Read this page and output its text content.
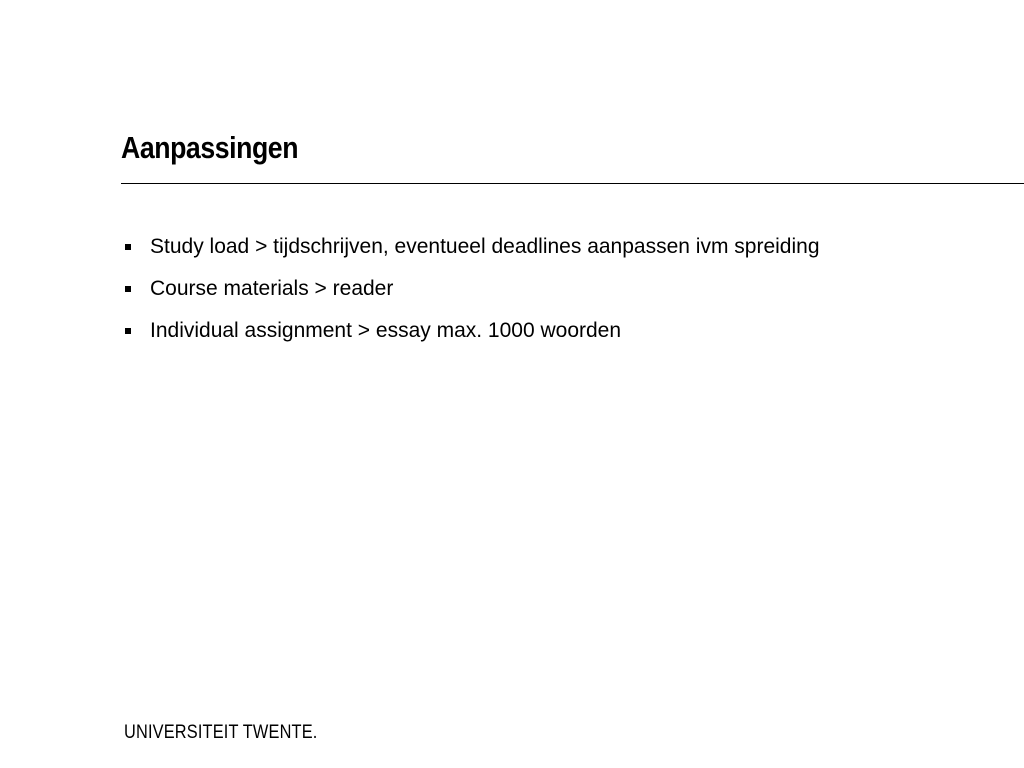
Aanpassingen
Study load > tijdschrijven, eventueel deadlines aanpassen ivm spreiding
Course materials > reader
Individual assignment > essay max. 1000 woorden
UNIVERSITEIT TWENTE.
